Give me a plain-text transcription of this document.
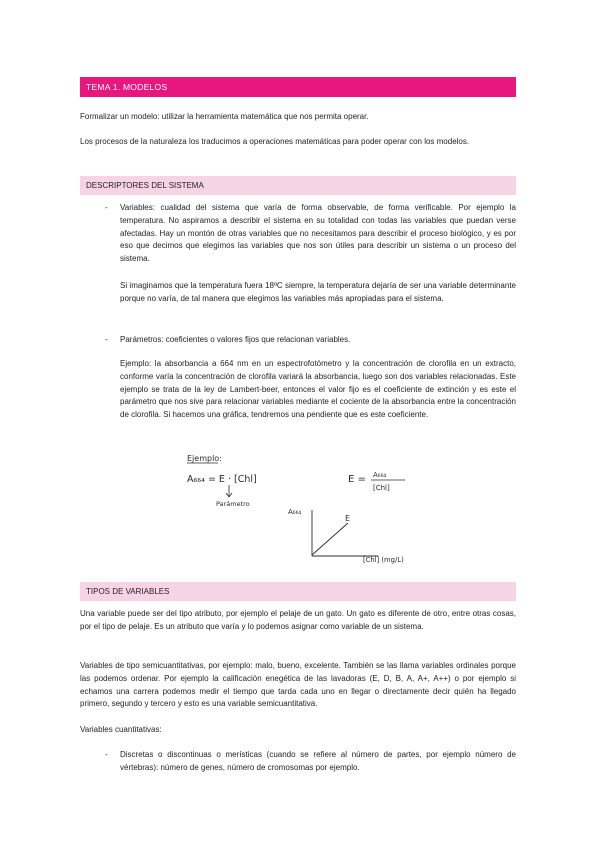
TEMA 1. MODELOS

Formalizar un modelo: utilizar la herramienta matemática que nos permita operar.

Los procesos de la naturaleza los traducimos a operaciones matemáticas para poder operar con los modelos.

DESCRIPTORES DEL SISTEMA
- Variables: cualidad del sistema que varía de forma observable, de forma verificable. Por ejemplo la temperatura. No aspiramos a describir el sistema en su totalidad con todas las variables que puedan verse afectadas. Hay un montón de otras variables que no necesitamos para describir el proceso biológico, y es por eso que decimos que elegimos las variables que nos son útiles para describir un sistema o un proceso del sistema.

Si imaginamos que la temperatura fuera 18ºC siempre, la temperatura dejaría de ser una variable determinante porque no varía, de tal manera que elegimos las variables más apropiadas para el sistema.

- Parámetros: coeficientes o valores fijos que relacionan variables.

Ejemplo: la absorbancia a 664 nm en un espectrofotómetro y la concentración de clorofila en un extracto, conforme varía la concentración de clorofila variará la absorbancia, luego son dos variables relacionadas. Este ejemplo se trata de la ley de Lambert-beer, entonces el valor fijo es el coeficiente de extinción y es este el parámetro que nos sive para relacionar variables mediante el cociente de la absorbancia entre la concentración de clorofila. Si hacemos una gráfica, tendremos una pendiente que es este coeficiente.

Ejemplo:
A₆₆₄ = E · [Chl]
Parámetro
E = A₆₆₄
[Chl]
A₆₆₄
E
[Chl] (mg/L)
TIPOS DE VARIABLES

Una variable puede ser del tipo atributo, por ejemplo el pelaje de un gato. Un gato es diferente de otro, entre otras cosas, por el tipo de pelaje. Es un atributo que varía y lo podemos asignar como variable de un sistema.

Variables de tipo semicuantitativas, por ejemplo: malo, bueno, excelente. También se las llama variables ordinales porque las podemos ordenar. Por ejemplo la calificación enegética de las lavadoras (E, D, B, A, A+, A++) o por ejemplo si echamos una carrera podemos medir el tiempo que tarda cada uno en llegar o directamente decir quién ha llegado primero, segundo y tercero y esto es una variable semicuantitativa.

Variables cuantitativas:

- Discretas o discontinuas o merísticas (cuando se refiere al número de partes, por ejemplo número de vértebras): número de genes, número de cromosomas por ejemplo.
